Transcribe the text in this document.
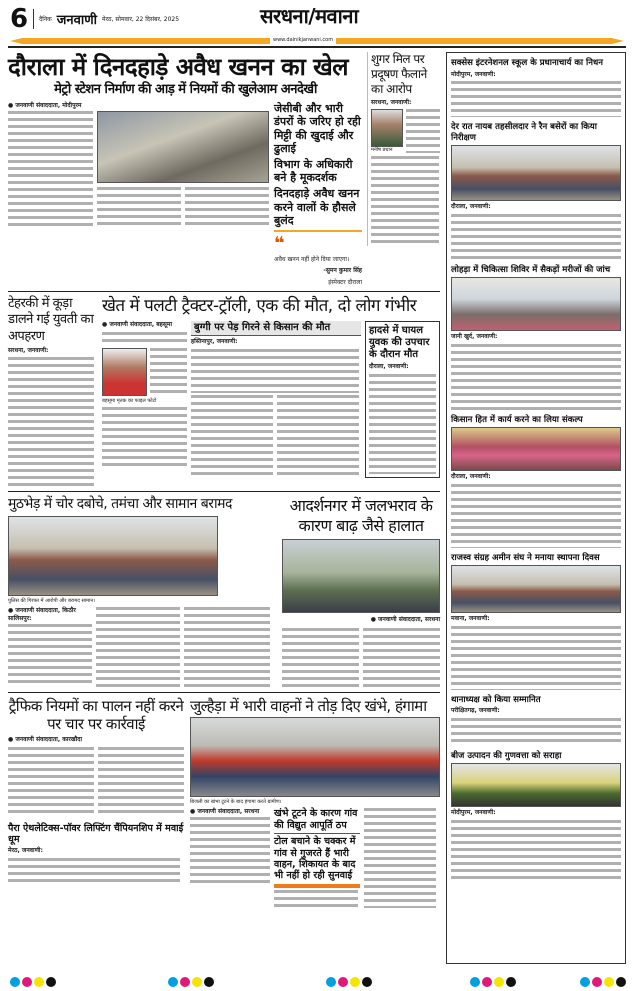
6 दैनिक जनवाणी मेरठ, सोमवार, 22 दिसंबर, 2025	सरधना/मवाना
www.dainikjanwani.com
दौराला में दिनदहाड़े अवैध खनन का खेल
मेट्रो स्टेशन निर्माण की आड़ में नियमों की खुलेआम अनदेखी
● जनवाणी संवाददाता, मोदीपुरम	जेसीबी और भारी डंपरों के जरिए हो रही मिट्टी की खुदाई और ढुलाई
विभाग के अधिकारी बने है मूकदर्शक
दिनदहाड़े अवैध खनन करने वालों के हौसले बुलंद
❝
अवैध खनन नहीं होने दिया जाएगा।
-सुमन कुमार सिंह
इंस्पेक्टर दौराला
शुगर मिल पर प्रदूषण फैलाने का आरोप
सरधना, जनवाणी:
मनीष प्रधान
टेहरकी में कूड़ा डालने गई युवती का अपहरण
सरधना, जनवाणी:
खेत में पलटी ट्रैक्टर-ट्रॉली, एक की मौत, दो लोग गंभीर
● जनवाणी संवाददाता, बहसूमा
बहसूमा मृतक का फाइल फोटो
बुग्गी पर पेड़ गिरने से किसान की मौत
हस्तिनापुर, जनवाणी:
हादसे में घायल युवक की उपचार के दौरान मौत
दौराला, जनवाणी:
मुठभेड़ में चोर दबोचे, तमंचा और सामान बरामद
पुलिस की गिरफ्त में आरोपी और बरामद सामान।
● जनवाणी संवाददाता, किठौर
सालिसपुर:
आदर्शनगर में जलभराव के कारण बाढ़ जैसे हालात
● जनवाणी संवाददाता, सरधना
ट्रैफिक नियमों का पालन नहीं करने पर चार पर कार्रवाई
● जनवाणी संवाददाता, कारखौदा
पैरा ऐथलेटिक्स-पॉवर लिफ्टिंग चैंपियनशिप में मवाई धूम
मेरठ, जनवाणी:
जुल्हैड़ा में भारी वाहनों ने तोड़ दिए खंभे, हंगामा
बिजली का खंभा टूटने के बाद हंगामा करते ग्रामीण।
● जनवाणी संवाददाता, सरधना	खंभे टूटने के कारण गांव की विद्युत आपूर्ति ठप
टोल बचाने के चक्कर में गांव से गुजरते हैं भारी वाहन, शिकायत के बाद भी नहीं हो रही सुनवाई
सक्सेस इंटरनेशनल स्कूल के प्रधानाचार्य का निधन
मोदीपुरम, जनवाणी:
देर रात नायब तहसीलदार ने रैन बसेरों का किया निरीक्षण
दौराला, जनवाणी:
लोहड़ा में चिकित्सा शिविर में सैकड़ों मरीजों की जांच
जानी खुर्द, जनवाणी:
किसान हित में कार्य करने का लिया संकल्प
दौराला, जनवाणी:
राजस्व संग्रह अमीन संघ ने मनाया स्थापना दिवस
मवाना, जनवाणी:
थानाध्यक्ष को किया सम्मानित
परीक्षितगढ़, जनवाणी:
बीज उत्पादन की गुणवत्ता को सराहा
मोदीपुरम, जनवाणी:
